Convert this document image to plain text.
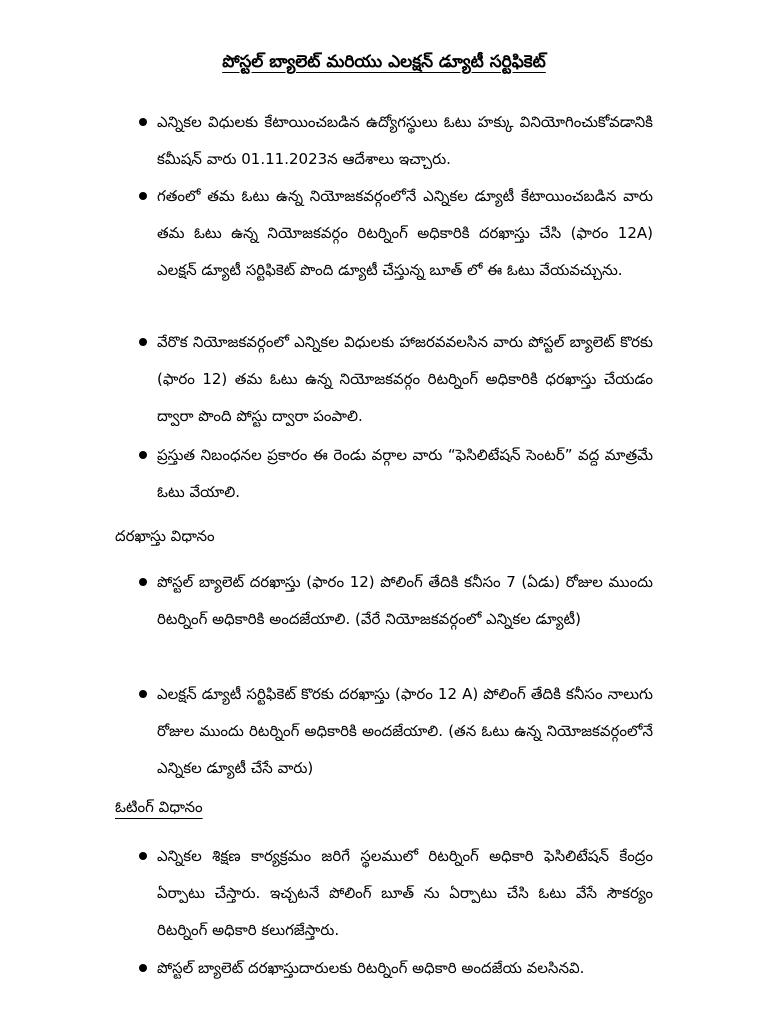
పోస్టల్ బ్యాలెట్ మరియు ఎలక్షన్ డ్యూటీ సర్టిఫికెట్
ఎన్నికల విధులకు కేటాయించబడిన ఉద్యోగస్థులు ఓటు హక్కు వినియోగించుకోవడానికి కమీషన్ వారు 01.11.2023న ఆదేశాలు ఇచ్చారు.
గతంలో తమ ఓటు ఉన్న నియోజకవర్గంలోనే ఎన్నికల డ్యూటీ కేటాయించబడిన వారు తమ ఓటు ఉన్న నియోజకవర్గం రిటర్నింగ్ అధికారికి దరఖాస్తు చేసి (ఫారం 12A) ఎలక్షన్ డ్యూటీ సర్టిఫికెట్ పొంది డ్యూటీ చేస్తున్న బూత్ లో ఈ ఓటు వేయవచ్చును.
వేరొక నియోజకవర్గంలో ఎన్నికల విధులకు హాజరవవలసిన వారు పోస్టల్ బ్యాలెట్ కొరకు (ఫారం 12) తమ ఓటు ఉన్న నియోజకవర్గం రిటర్నింగ్ అధికారికి ధరఖాస్తు చేయడం ద్వారా పొంది పోస్టు ద్వారా పంపాలి.
ప్రస్తుత నిబంధనల ప్రకారం ఈ రెండు వర్గాల వారు “ఫెసిలిటేషన్ సెంటర్” వద్ద మాత్రమే ఓటు వేయాలి.
దరఖాస్తు విధానం
పోస్టల్ బ్యాలెట్ దరఖాస్తు (ఫారం 12) పోలింగ్ తేదికి కనీసం 7 (ఏడు) రోజుల ముందు రిటర్నింగ్ అధికారికి అందజేయాలి. (వేరే నియోజకవర్గంలో ఎన్నికల డ్యూటీ)
ఎలక్షన్ డ్యూటీ సర్టిఫికెట్ కొరకు దరఖాస్తు (ఫారం 12 A) పోలింగ్ తేదికి కనీసం నాలుగు రోజుల ముందు రిటర్నింగ్ అధికారికి అందజేయాలి. (తన ఓటు ఉన్న నియోజకవర్గంలోనే ఎన్నికల డ్యూటీ చేసే వారు)
ఓటింగ్ విధానం
ఎన్నికల శిక్షణ కార్యక్రమం జరిగే స్థలములో రిటర్నింగ్ అధికారి ఫెసిలిటేషన్ కేంద్రం ఏర్పాటు చేస్తారు. ఇచ్చటనే పోలింగ్ బూత్ ను ఏర్పాటు చేసి ఓటు వేసే సౌకర్యం రిటర్నింగ్ అధికారి కలుగజేస్తారు.
పోస్టల్ బ్యాలెట్ దరఖాస్తుదారులకు రిటర్నింగ్ అధికారి అందజేయ వలసినవి.
